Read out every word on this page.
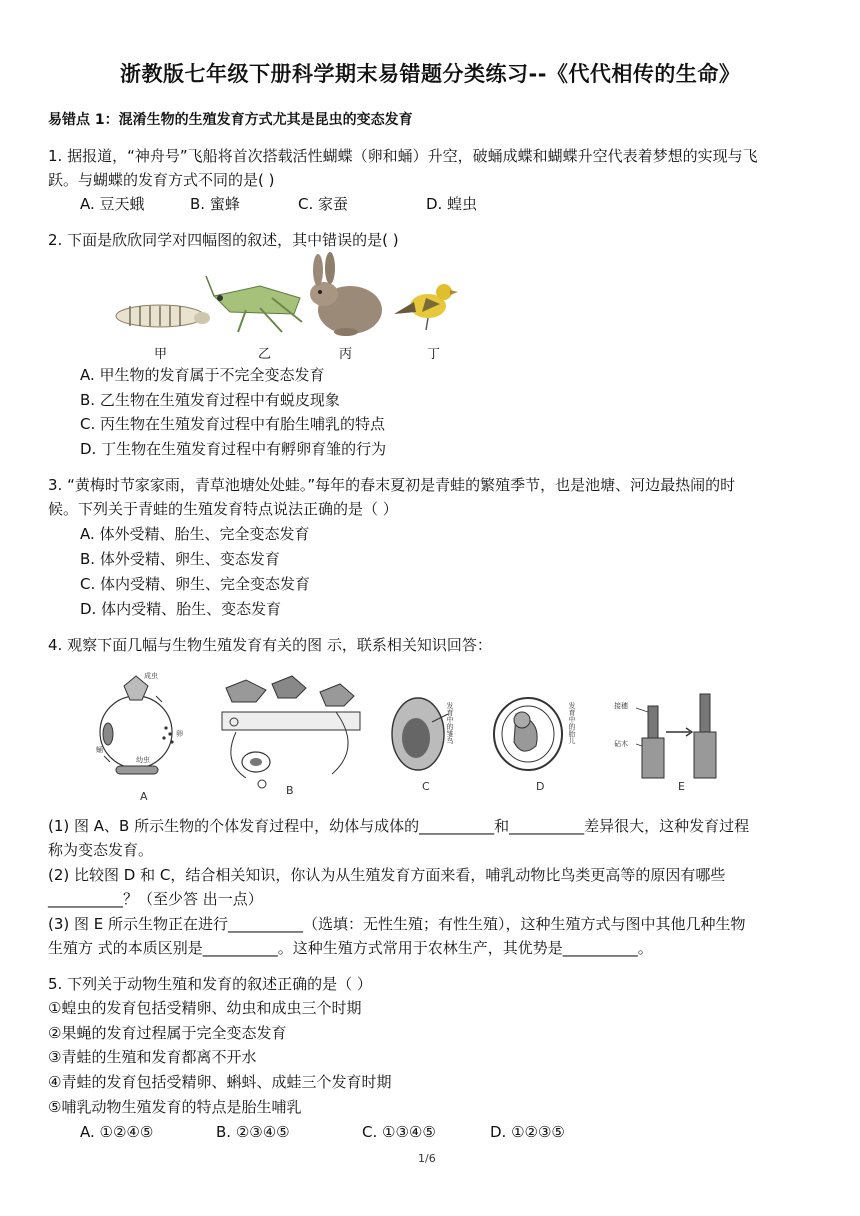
浙教版七年级下册科学期末易错题分类练习--《代代相传的生命》
易错点 1：混淆生物的生殖发育方式尤其是昆虫的变态发育
1. 据报道，“神舟号”飞船将首次搭载活性蝴蝶（卵和蛹）升空，破蛹成蝶和蝴蝶升空代表着梦想的实现与飞
跃。与蝴蝶的发育方式不同的是( )
A. 豆天蛾	B. 蜜蜂	C. 家蚕	D. 蝗虫
2. 下面是欣欣同学对四幅图的叙述，其中错误的是( )
甲	乙	丙	丁
A. 甲生物的发育属于不完全变态发育
B. 乙生物在生殖发育过程中有蜕皮现象
C. 丙生物在生殖发育过程中有胎生哺乳的特点
D. 丁生物在生殖发育过程中有孵卵育雏的行为
3. “黄梅时节家家雨，青草池塘处处蛙。”每年的春末夏初是青蛙的繁殖季节，也是池塘、河边最热闹的时
候。下列关于青蛙的生殖发育特点说法正确的是（ ）
A. 体外受精、胎生、完全变态发育
B. 体外受精、卵生、变态发育
C. 体内受精、卵生、完全变态发育
D. 体内受精、胎生、变态发育
4. 观察下面几幅与生物生殖发育有关的图 示，联系相关知识回答：
成虫
蛹
卵
幼虫
发育中的雏鸟	发育中的胎儿	接穗
砧木
A	B	C	D	E
(1) 图 A、B 所示生物的个体发育过程中，幼体与成体的__________和__________差异很大，这种发育过程
称为变态发育。
(2) 比较图 D 和 C，结合相关知识，你认为从生殖发育方面来看，哺乳动物比鸟类更高等的原因有哪些
__________？（至少答 出一点）
(3) 图 E 所示生物正在进行__________（选填：无性生殖；有性生殖），这种生殖方式与图中其他几种生物
生殖方 式的本质区别是__________。这种生殖方式常用于农林生产，其优势是__________。
5. 下列关于动物生殖和发育的叙述正确的是（ ）
①蝗虫的发育包括受精卵、幼虫和成虫三个时期
②果蝇的发育过程属于完全变态发育
③青蛙的生殖和发育都离不开水
④青蛙的发育包括受精卵、蝌蚪、成蛙三个发育时期
⑤哺乳动物生殖发育的特点是胎生哺乳
A. ①②④⑤	B. ②③④⑤	C. ①③④⑤	D. ①②③⑤
1/6
